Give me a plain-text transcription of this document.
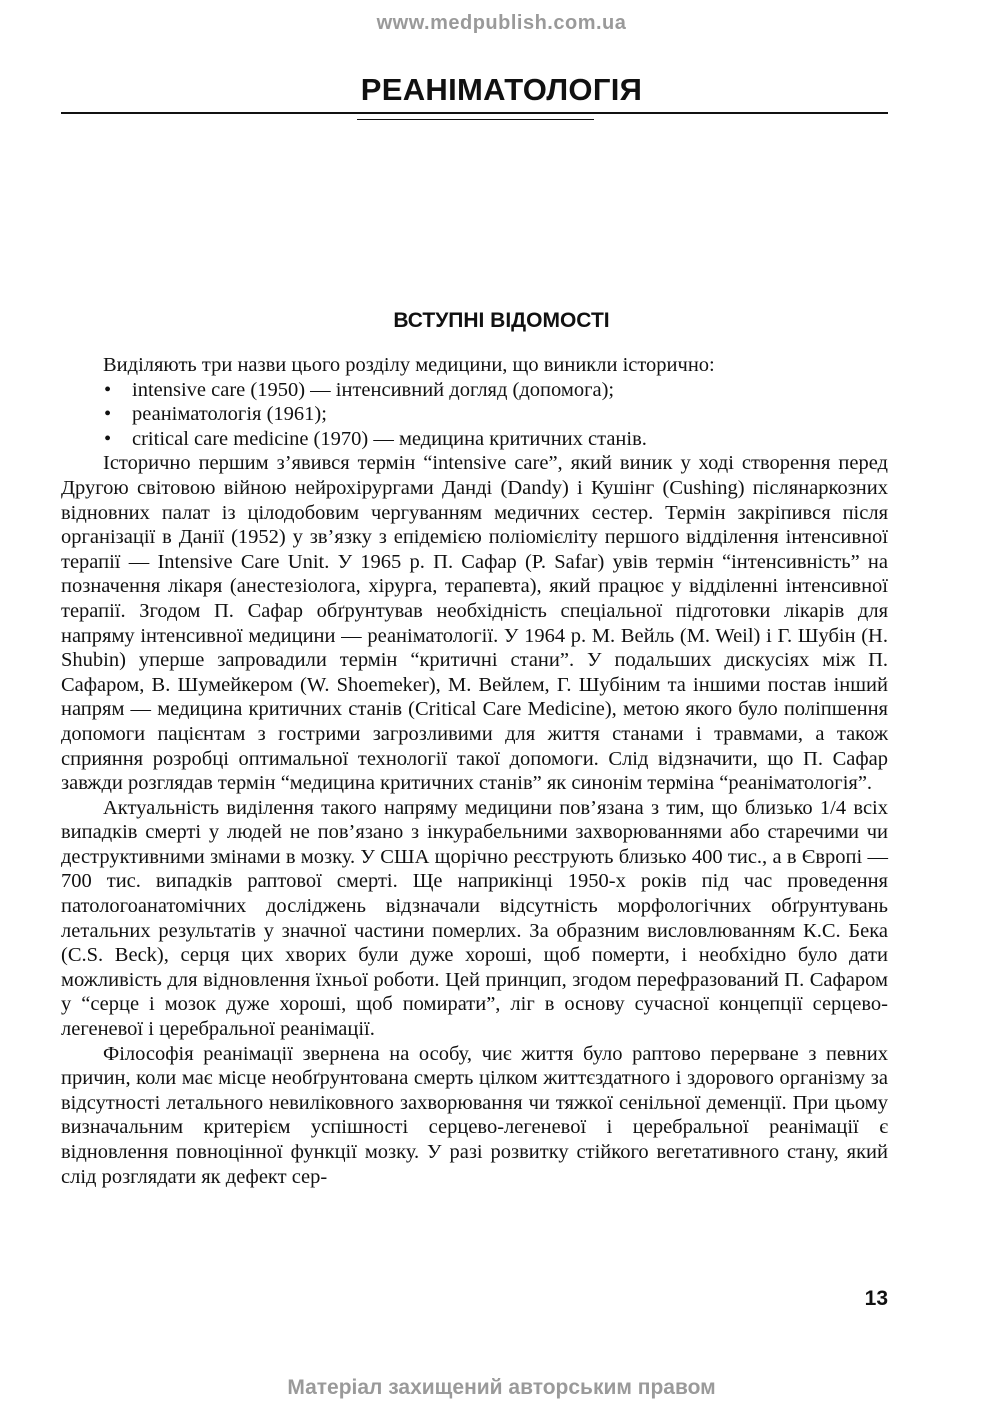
www.medpublish.com.ua
РЕАНІМАТОЛОГІЯ
ВСТУПНІ ВІДОМОСТІ

Виділяють три назви цього розділу медицини, що виникли історично:

• intensive care (1950) — інтенсивний догляд (допомога);
• реаніматологія (1961);
• critical care medicine (1970) — медицина критичних станів.

Історично першим з’явився термін “intensive care”, який виник у ході створення перед Другою світовою війною нейрохірургами Данді (Dandy) і Кушінг (Cushing) післянаркозних відновних палат із цілодобовим чергуванням медичних сестер. Термін закріпився після організації в Данії (1952) у зв’язку з епідемією поліомієліту першого відділення інтенсивної терапії — Intensive Care Unit. У 1965 р. П. Сафар (P. Safar) увів термін “інтенсивність” на позначення лікаря (анестезіолога, хірурга, терапевта), який працює у відділенні інтенсивної терапії. Згодом П. Сафар обґрунтував необхідність спеціальної підготовки лікарів для напряму інтенсивної медицини — реаніматології. У 1964 р. М. Вейль (M. Weil) і Г. Шубін (H. Shubin) уперше запровадили термін “критичні стани”. У подальших дискусіях між П. Сафаром, В. Шумейкером (W. Shoemeker), М. Вейлем, Г. Шубіним та іншими постав інший напрям — медицина критичних станів (Critical Care Medicine), метою якого було поліпшення допомоги пацієнтам з гострими загрозливими для життя станами і травмами, а також сприяння розробці оптимальної технології такої допомоги. Слід відзначити, що П. Сафар завжди розглядав термін “медицина критичних станів” як синонім терміна “реаніматологія”.

Актуальність виділення такого напряму медицини пов’язана з тим, що близько 1/4 всіх випадків смерті у людей не пов’язано з інкурабельними захворюваннями або старечими чи деструктивними змінами в мозку. У США щорічно реєструють близько 400 тис., а в Європі — 700 тис. випадків раптової смерті. Ще наприкінці 1950-х років під час проведення патологоанатомічних досліджень відзначали відсутність морфологічних обґрунтувань летальних результатів у значної частини померлих. За образним висловлюванням К.С. Бека (C.S. Beck), серця цих хворих були дуже хороші, щоб померти, і необхідно було дати можливість для відновлення їхньої роботи. Цей принцип, згодом перефразований П. Сафаром у “серце і мозок дуже хороші, щоб помирати”, ліг в основу сучасної концепції серцево-легеневої і церебральної реанімації.

Філософія реанімації звернена на особу, чиє життя було раптово перерване з певних причин, коли має місце необґрунтована смерть цілком життєздатного і здорового організму за відсутності летального невиліковного захворювання чи тяжкої сенільної деменції. При цьому визначальним критерієм успішності серцево-легеневої і церебральної реанімації є відновлення повноцінної функції мозку. У разі розвитку стійкого вегетативного стану, який слід розглядати як дефект сер-

13
Матеріал захищений авторським правом
